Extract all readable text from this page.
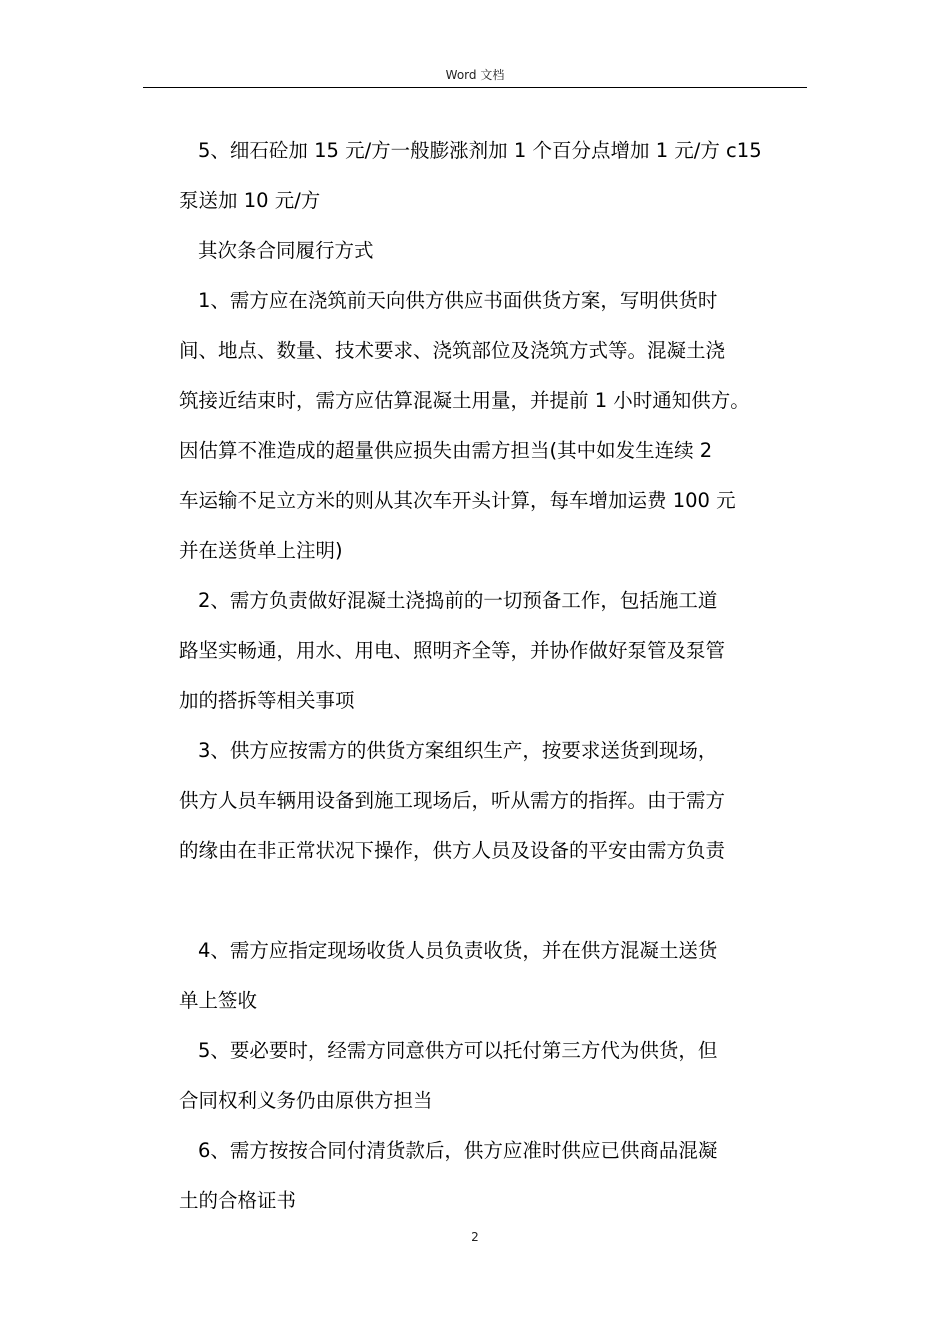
Word 文档
5、细石砼加 15 元/方一般膨涨剂加 1 个百分点增加 1 元/方 c15
泵送加 10 元/方
其次条合同履行方式
1、需方应在浇筑前天向供方供应书面供货方案，写明供货时
间、地点、数量、技术要求、浇筑部位及浇筑方式等。混凝土浇
筑接近结束时，需方应估算混凝土用量，并提前 1 小时通知供方。
因估算不准造成的超量供应损失由需方担当(其中如发生连续 2
车运输不足立方米的则从其次车开头计算，每车增加运费 100 元
并在送货单上注明)
2、需方负责做好混凝土浇捣前的一切预备工作，包括施工道
路坚实畅通，用水、用电、照明齐全等，并协作做好泵管及泵管
加的搭拆等相关事项
3、供方应按需方的供货方案组织生产，按要求送货到现场，
供方人员车辆用设备到施工现场后，听从需方的指挥。由于需方
的缘由在非正常状况下操作，供方人员及设备的平安由需方负责
4、需方应指定现场收货人员负责收货，并在供方混凝土送货
单上签收
5、要必要时，经需方同意供方可以托付第三方代为供货，但
合同权利义务仍由原供方担当
6、需方按按合同付清货款后，供方应准时供应已供商品混凝
土的合格证书
2
